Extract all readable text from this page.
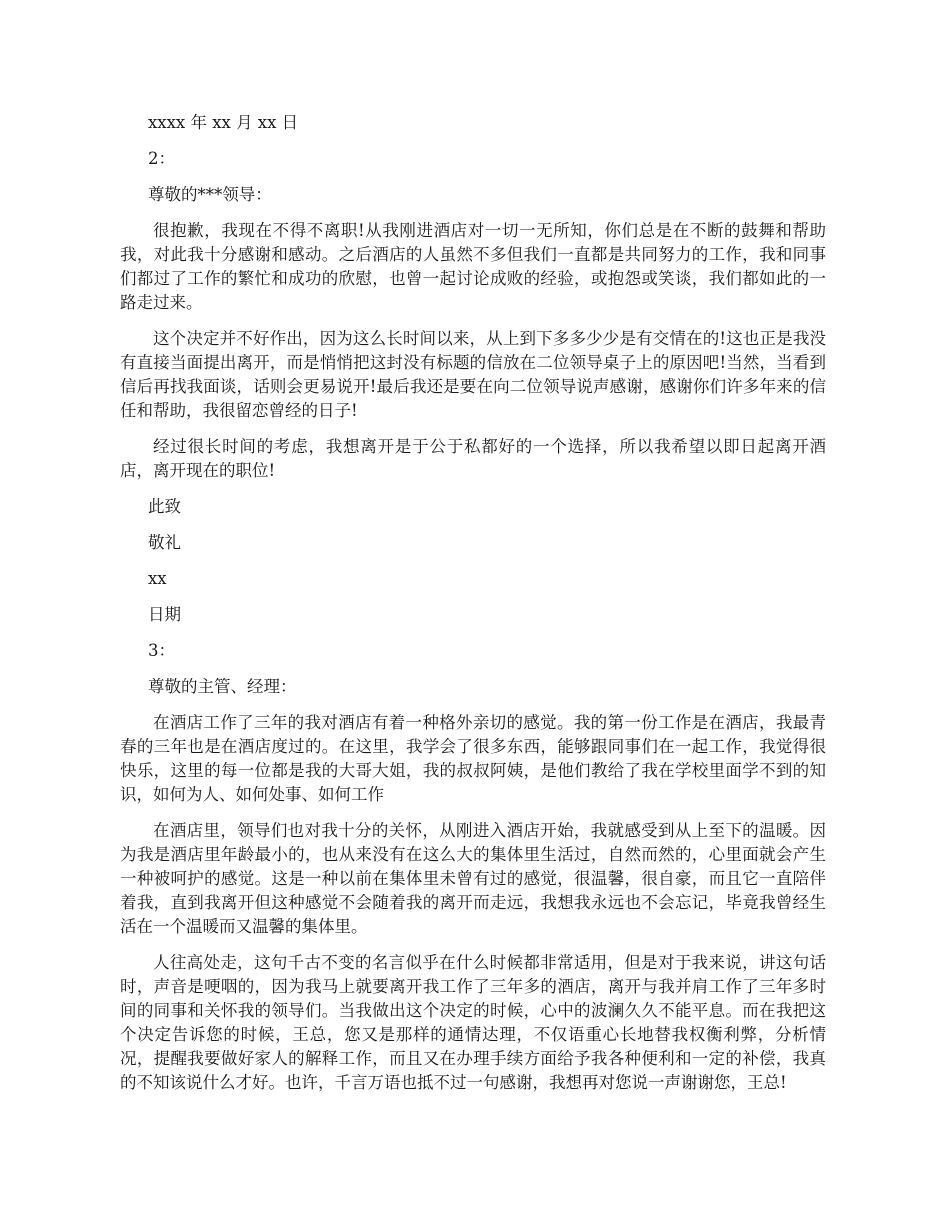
xxxx 年 xx 月 xx 日

2：

尊敬的***领导：

很抱歉，我现在不得不离职!从我刚进酒店对一切一无所知，你们总是在不断的鼓舞和帮助我，对此我十分感谢和感动。之后酒店的人虽然不多但我们一直都是共同努力的工作，我和同事们都过了工作的繁忙和成功的欣慰，也曾一起讨论成败的经验，或抱怨或笑谈，我们都如此的一路走过来。

这个决定并不好作出，因为这么长时间以来，从上到下多多少少是有交情在的!这也正是我没有直接当面提出离开，而是悄悄把这封没有标题的信放在二位领导桌子上的原因吧!当然，当看到信后再找我面谈，话则会更易说开!最后我还是要在向二位领导说声感谢，感谢你们许多年来的信任和帮助，我很留恋曾经的日子!

经过很长时间的考虑，我想离开是于公于私都好的一个选择，所以我希望以即日起离开酒店，离开现在的职位!

此致

敬礼

xx

日期

3：

尊敬的主管、经理：

在酒店工作了三年的我对酒店有着一种格外亲切的感觉。我的第一份工作是在酒店，我最青春的三年也是在酒店度过的。在这里，我学会了很多东西，能够跟同事们在一起工作，我觉得很快乐，这里的每一位都是我的大哥大姐，我的叔叔阿姨，是他们教给了我在学校里面学不到的知识，如何为人、如何处事、如何工作

在酒店里，领导们也对我十分的关怀，从刚进入酒店开始，我就感受到从上至下的温暖。因为我是酒店里年龄最小的，也从来没有在这么大的集体里生活过，自然而然的，心里面就会产生一种被呵护的感觉。这是一种以前在集体里未曾有过的感觉，很温馨，很自豪，而且它一直陪伴着我，直到我离开但这种感觉不会随着我的离开而走远，我想我永远也不会忘记，毕竟我曾经生活在一个温暖而又温馨的集体里。

人往高处走，这句千古不变的名言似乎在什么时候都非常适用，但是对于我来说，讲这句话时，声音是哽咽的，因为我马上就要离开我工作了三年多的酒店，离开与我并肩工作了三年多时间的同事和关怀我的领导们。当我做出这个决定的时候，心中的波澜久久不能平息。而在我把这个决定告诉您的时候，王总，您又是那样的通情达理，不仅语重心长地替我权衡利弊，分析情况，提醒我要做好家人的解释工作，而且又在办理手续方面给予我各种便利和一定的补偿，我真的不知该说什么才好。也许，千言万语也抵不过一句感谢，我想再对您说一声谢谢您，王总!
